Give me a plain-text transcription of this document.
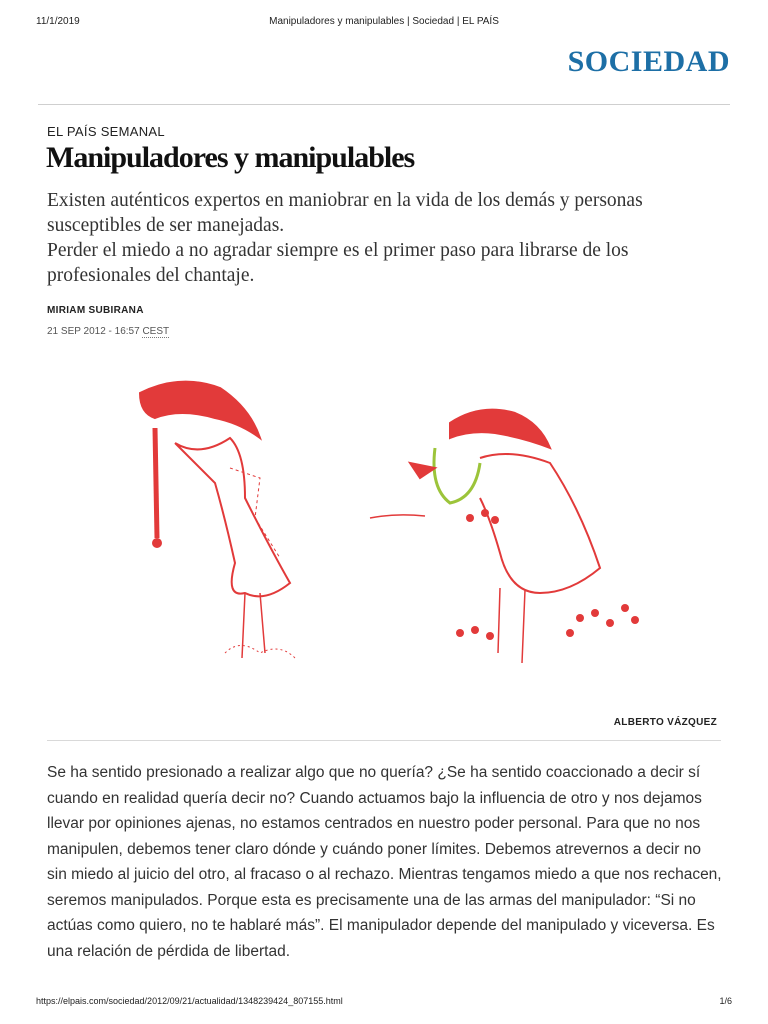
11/1/2019	Manipuladores y manipulables | Sociedad | EL PAÍS
SOCIEDAD
EL PAÍS SEMANAL
Manipuladores y manipulables

Existen auténticos expertos en maniobrar en la vida de los demás y personas susceptibles de ser manejadas.

Perder el miedo a no agradar siempre es el primer paso para librarse de los profesionales del chantaje.

MIRIAM SUBIRANA
21 SEP 2012 - 16:57 CEST
ALBERTO VÁZQUEZ

Se ha sentido presionado a realizar algo que no quería? ¿Se ha sentido coaccionado a decir sí cuando en realidad quería decir no? Cuando actuamos bajo la influencia de otro y nos dejamos llevar por opiniones ajenas, no estamos centrados en nuestro poder personal. Para que no nos manipulen, debemos tener claro dónde y cuándo poner límites. Debemos atrevernos a decir no sin miedo al juicio del otro, al fracaso o al rechazo. Mientras tengamos miedo a que nos rechacen, seremos manipulados. Porque esta es precisamente una de las armas del manipulador: “Si no actúas como quiero, no te hablaré más”. El manipulador depende del manipulado y viceversa. Es una relación de pérdida de libertad.

https://elpais.com/sociedad/2012/09/21/actualidad/1348239424_807155.html	1/6
